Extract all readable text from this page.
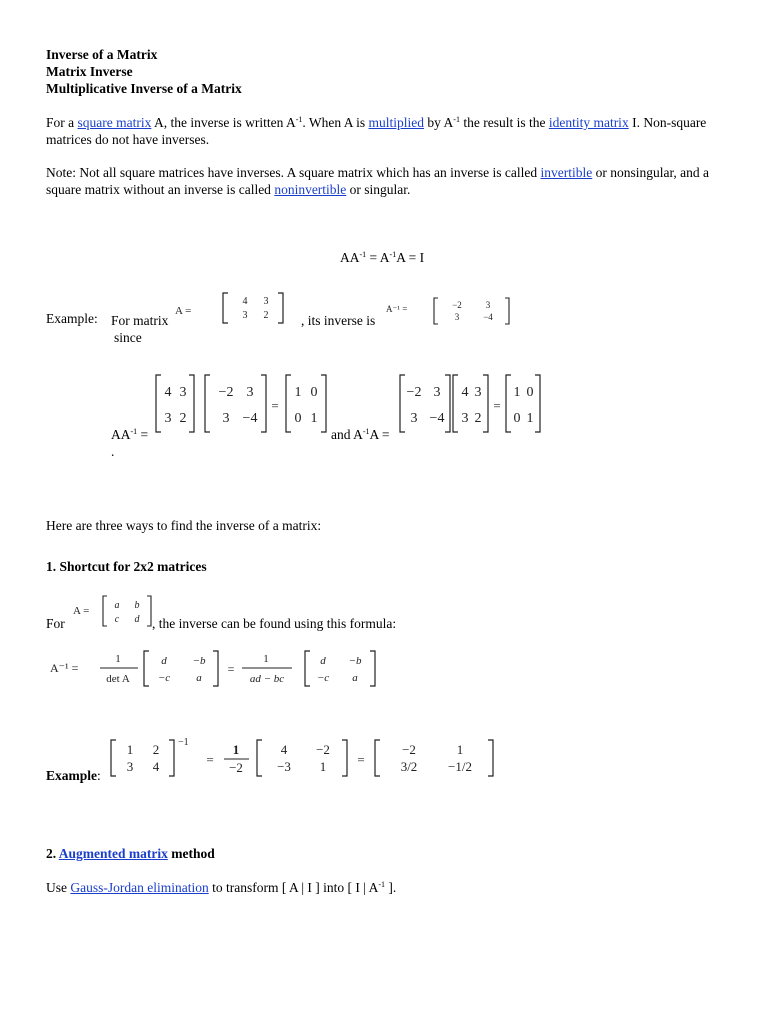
Inverse of a Matrix
Matrix Inverse
Multiplicative Inverse of a Matrix
For a square matrix A, the inverse is written $A^{-1}$. When A is multiplied by $A^{-1}$ the result is the identity matrix I. Non-square matrices do not have inverses.
Note: Not all square matrices have inverses. A square matrix which has an inverse is called invertible or nonsingular, and a square matrix without an inverse is called noninvertible or singular.
$AA^{-1} = A^{-1}A = I$
Example: For matrix
since
A =
4 3
3 2
A⁻¹ =	−2	3
3	−4
, its inverse is
$AA^{-1}$ =
.
and $A^{-1}A$ =
4 3
3 2
−2 3
3 −4
=
1 0
0 1
−2 3
3 −4
4 3
3 2
=
1 0
0 1
Here are three ways to find the inverse of a matrix:
1. Shortcut for 2x2 matrices
For
A =	a b
c d , the inverse can be found using this formula:
A⁻¹ =
1
det A
d −b
−c a
=
1
ad − bc
d −b
−c a
Example:
1 2
3 4
−1
=
1
−2
4 −2
−3 1 =
−2	1
3/2 −1/2
2. Augmented matrix method
Use Gauss-Jordan elimination to transform [ A | I ] into [ I | $A^{-1}$ ].
